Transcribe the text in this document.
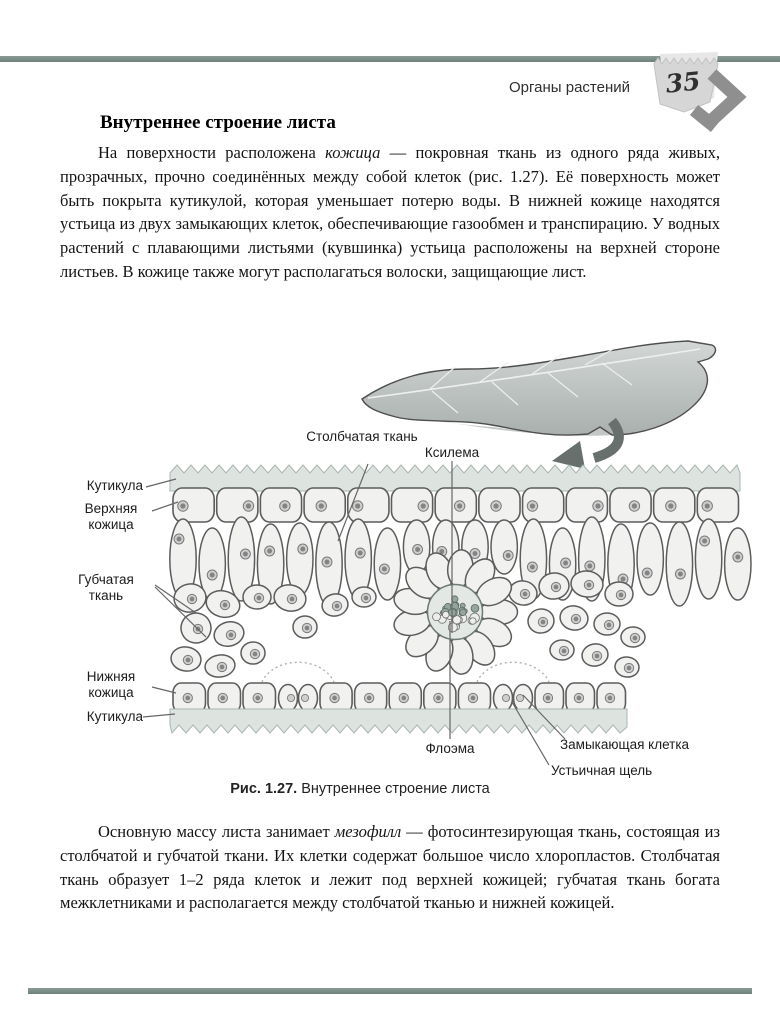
Органы растений 35
Внутреннее строение листа

На поверхности расположена кожица — покровная ткань из одного ряда живых, прозрачных, прочно соединённых между собой клеток (рис. 1.27). Её поверхность может быть покрыта кутикулой, которая уменьшает потерю воды. В нижней кожице находятся устьица из двух замыкающих клеток, обеспечивающие газообмен и транспирацию. У водных растений с плавающими листьями (кувшинка) устьица расположены на верхней стороне листьев. В кожице также могут располагаться волоски, защищающие лист.

Кутикула
Верхняя кожица
Губчатая ткань
Нижняя кожица
Кутикула
Столбчатая ткань
Ксилема
Флоэма	Замыкающая клетка
Устьичная щель
Рис. 1.27. Внутреннее строение листа

Основную массу листа занимает мезофилл — фотосинтезирующая ткань, состоящая из столбчатой и губчатой ткани. Их клетки содержат большое число хлоропластов. Столбчатая ткань образует 1–2 ряда клеток и лежит под верхней кожицей; губчатая ткань богата межклетниками и располагается между столбчатой тканью и нижней кожицей.
